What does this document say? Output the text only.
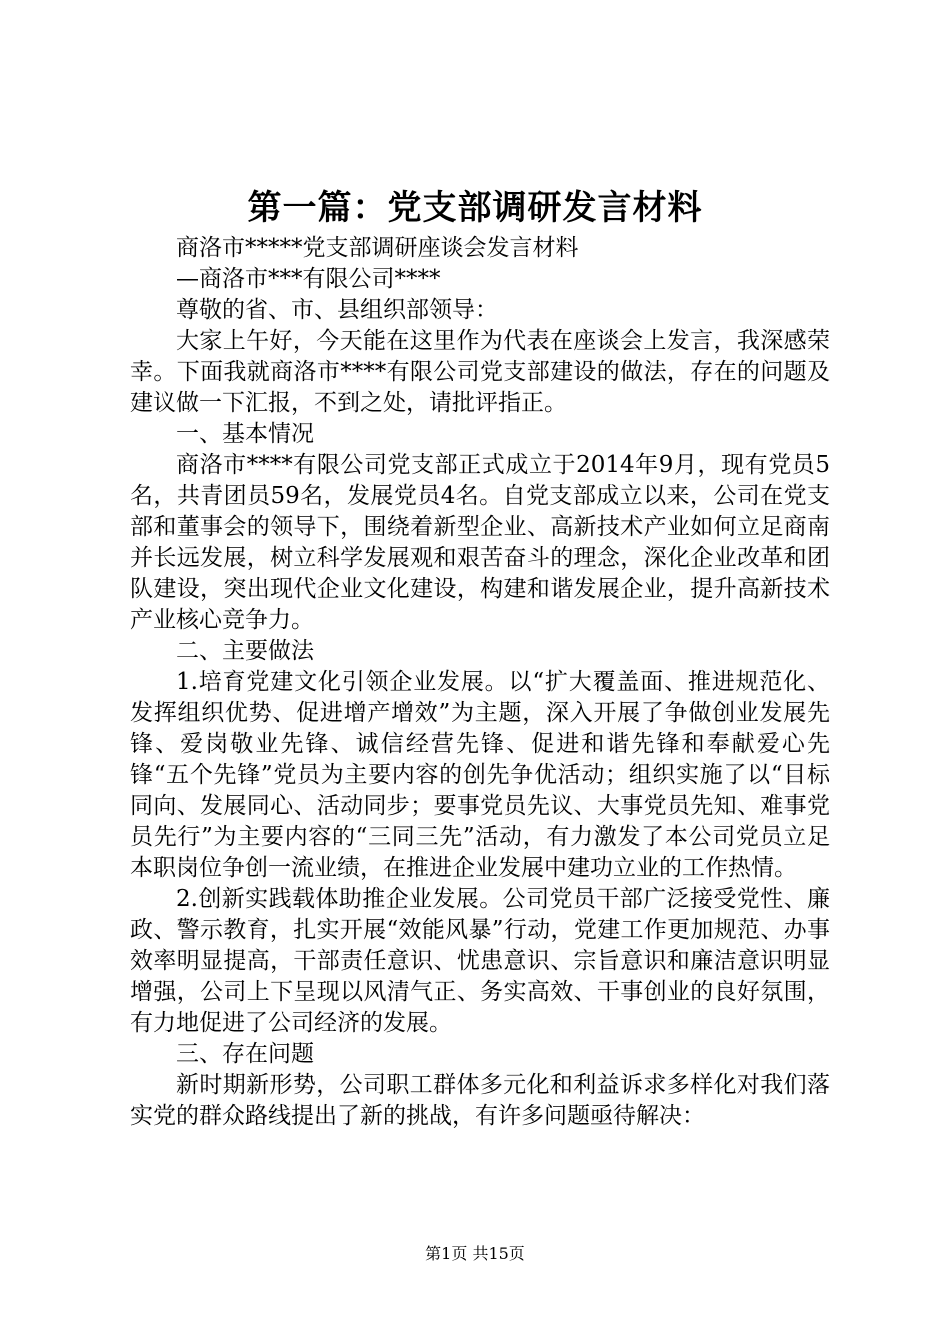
第一篇：党支部调研发言材料

商洛市*****党支部调研座谈会发言材料

—商洛市***有限公司****

尊敬的省、市、县组织部领导：

大家上午好，今天能在这里作为代表在座谈会上发言，我深感荣幸。下面我就商洛市****有限公司党支部建设的做法，存在的问题及建议做一下汇报，不到之处，请批评指正。

一、基本情况

商洛市****有限公司党支部正式成立于2014年9月，现有党员5名，共青团员59名，发展党员4名。自党支部成立以来，公司在党支部和董事会的领导下，围绕着新型企业、高新技术产业如何立足商南并长远发展，树立科学发展观和艰苦奋斗的理念，深化企业改革和团队建设，突出现代企业文化建设，构建和谐发展企业，提升高新技术产业核心竞争力。

二、主要做法

1.培育党建文化引领企业发展。以“扩大覆盖面、推进规范化、发挥组织优势、促进增产增效”为主题，深入开展了争做创业发展先锋、爱岗敬业先锋、诚信经营先锋、促进和谐先锋和奉献爱心先锋“五个先锋”党员为主要内容的创先争优活动；组织实施了以“目标同向、发展同心、活动同步；要事党员先议、大事党员先知、难事党员先行”为主要内容的“三同三先”活动，有力激发了本公司党员立足本职岗位争创一流业绩，在推进企业发展中建功立业的工作热情。

2.创新实践载体助推企业发展。公司党员干部广泛接受党性、廉政、警示教育，扎实开展“效能风暴”行动，党建工作更加规范、办事效率明显提高，干部责任意识、忧患意识、宗旨意识和廉洁意识明显增强，公司上下呈现以风清气正、务实高效、干事创业的良好氛围，有力地促进了公司经济的发展。

三、存在问题

新时期新形势，公司职工群体多元化和利益诉求多样化对我们落实党的群众路线提出了新的挑战，有许多问题亟待解决：

第1页 共15页
